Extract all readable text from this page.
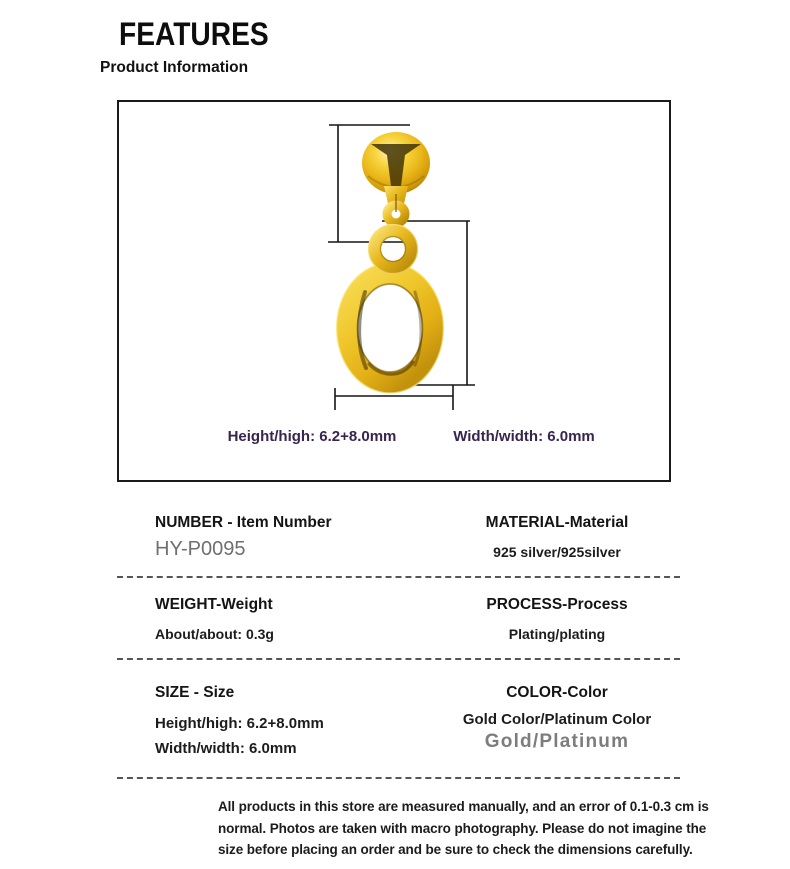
FEATURES
Product Information

Height/high: 6.2+8.0mm	Width/width: 6.0mm

NUMBER - Item Number
HY-P0095
MATERIAL-Material
925 silver/925silver
WEIGHT-Weight
About/about: 0.3g
PROCESS-Process
Plating/plating
SIZE - Size
Height/high: 6.2+8.0mm
Width/width: 6.0mm
COLOR-Color
Gold Color/Platinum Color
Gold/Platinum

All products in this store are measured manually, and an error of 0.1-0.3 cm is normal. Photos are taken with macro photography. Please do not imagine the size before placing an order and be sure to check the dimensions carefully.
